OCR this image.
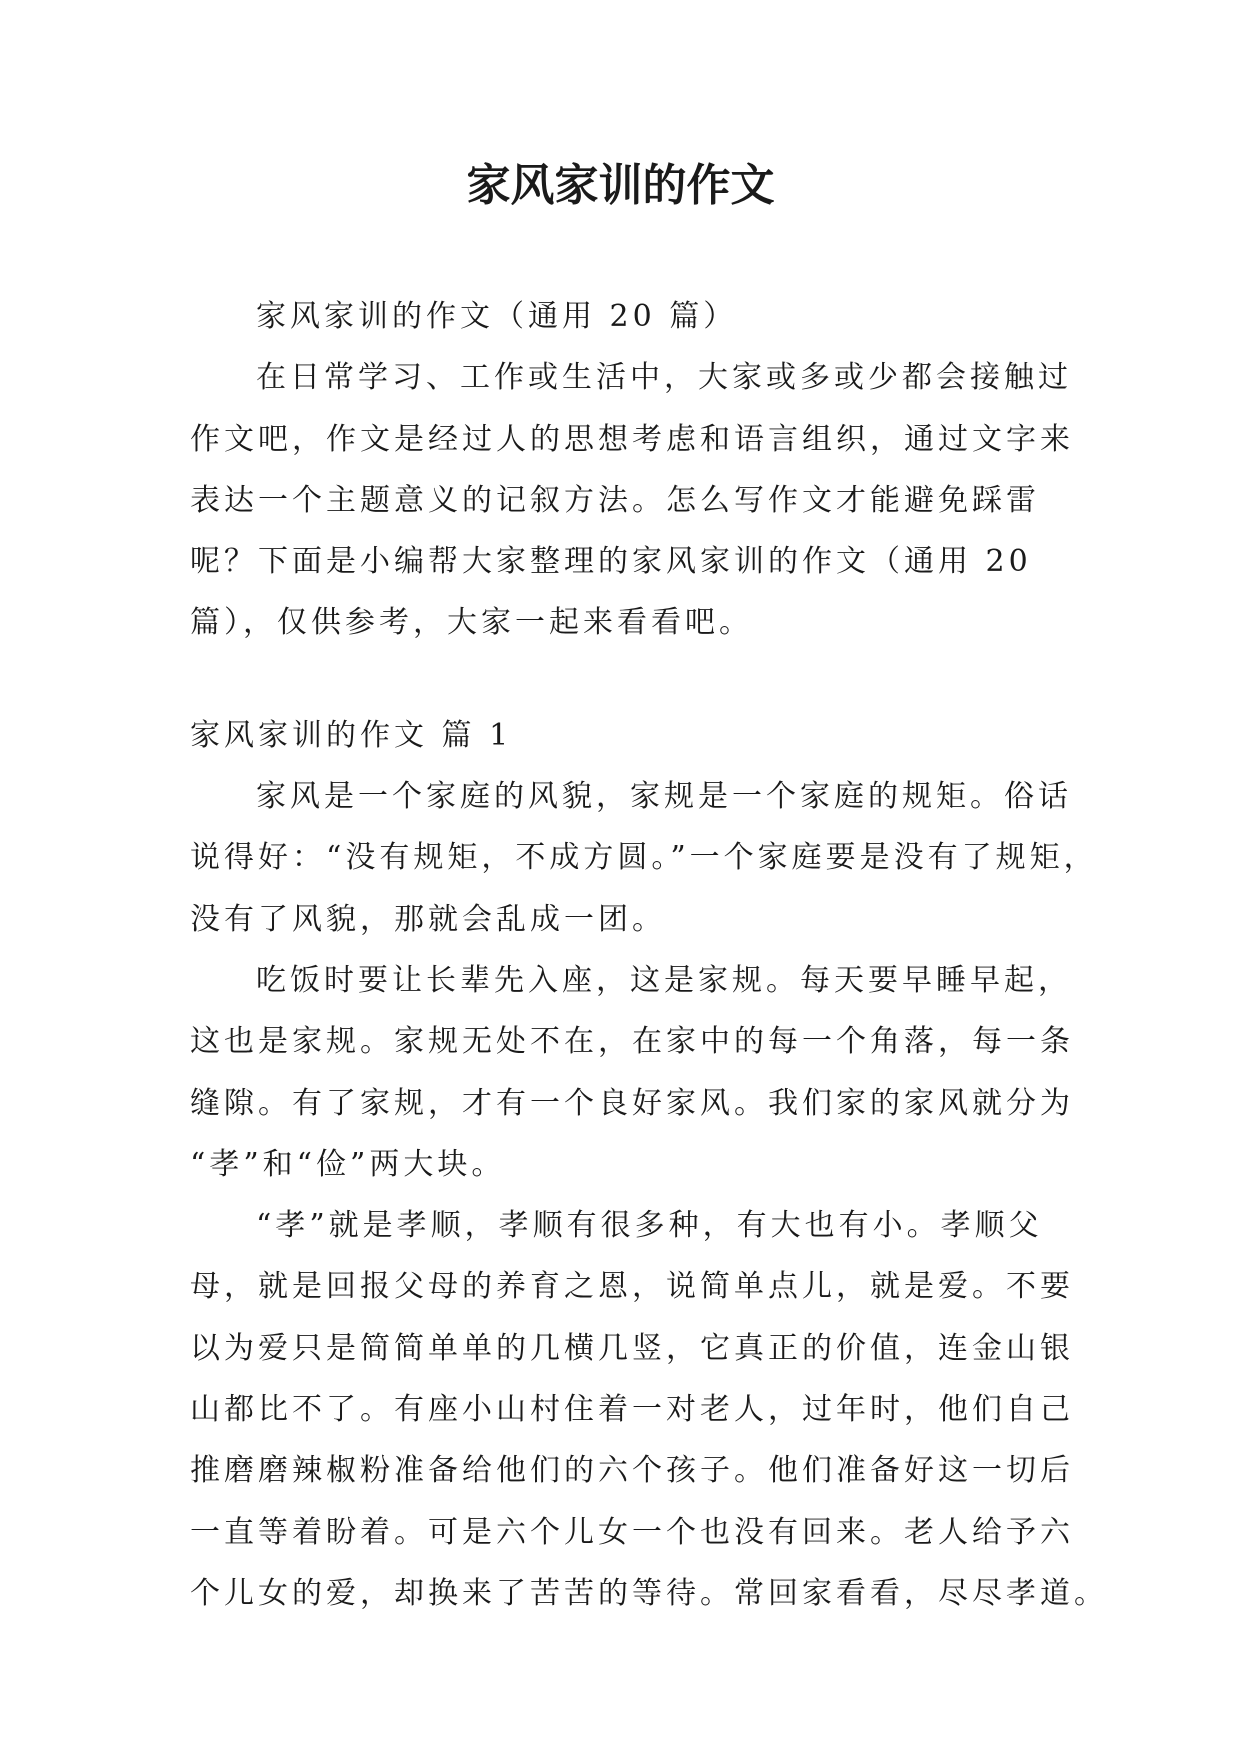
家风家训的作文
家风家训的作文（通用 20 篇）
在日常学习、工作或生活中，大家或多或少都会接触过
作文吧，作文是经过人的思想考虑和语言组织，通过文字来
表达一个主题意义的记叙方法。怎么写作文才能避免踩雷
呢？下面是小编帮大家整理的家风家训的作文（通用 20
篇），仅供参考，大家一起来看看吧。
家风家训的作文 篇 1
家风是一个家庭的风貌，家规是一个家庭的规矩。俗话
说得好：“没有规矩，不成方圆。”一个家庭要是没有了规矩，
没有了风貌，那就会乱成一团。
吃饭时要让长辈先入座，这是家规。每天要早睡早起，
这也是家规。家规无处不在，在家中的每一个角落，每一条
缝隙。有了家规，才有一个良好家风。我们家的家风就分为
“孝”和“俭”两大块。
“孝”就是孝顺，孝顺有很多种，有大也有小。孝顺父
母，就是回报父母的养育之恩，说简单点儿，就是爱。不要
以为爱只是简简单单的几横几竖，它真正的价值，连金山银
山都比不了。有座小山村住着一对老人，过年时，他们自己
推磨磨辣椒粉准备给他们的六个孩子。他们准备好这一切后
一直等着盼着。可是六个儿女一个也没有回来。老人给予六
个儿女的爱，却换来了苦苦的等待。常回家看看，尽尽孝道。
